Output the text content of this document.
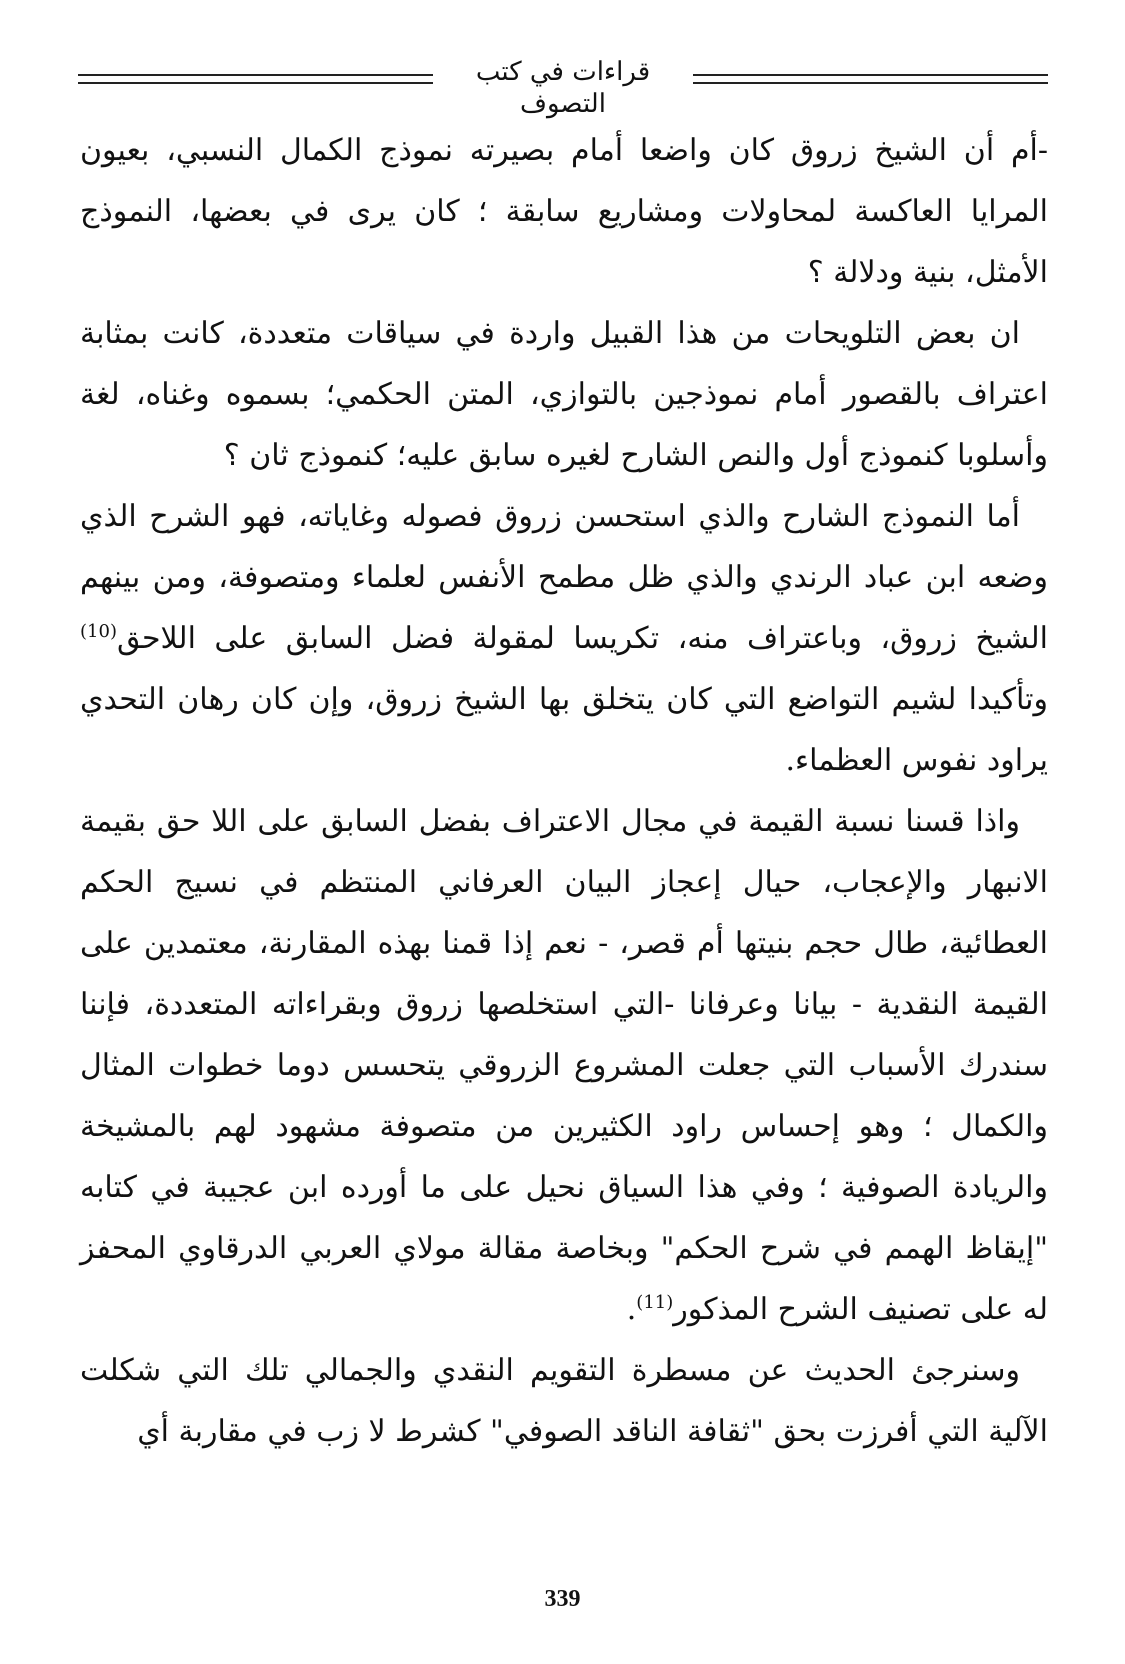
قراءات في كتب التصوف

-أم أن الشيخ زروق كان واضعا أمام بصيرته نموذج الكمال النسبي، بعيون المرايا العاكسة لمحاولات ومشاريع سابقة ؛ كان يرى في بعضها، النموذج الأمثل، بنية ودلالة ؟

ان بعض التلويحات من هذا القبيل واردة في سياقات متعددة، كانت بمثابة اعتراف بالقصور أمام نموذجين بالتوازي، المتن الحكمي؛ بسموه وغناه، لغة وأسلوبا كنموذج أول والنص الشارح لغيره سابق عليه؛ كنموذج ثان ؟

أما النموذج الشارح والذي استحسن زروق فصوله وغاياته، فهو الشرح الذي وضعه ابن عباد الرندي والذي ظل مطمح الأنفس لعلماء ومتصوفة، ومن بينهم الشيخ زروق، وباعتراف منه، تكريسا لمقولة فضل السابق على اللاحق$^{(10)}$ وتأكيدا لشيم التواضع التي كان يتخلق بها الشيخ زروق، وإن كان رهان التحدي يراود نفوس العظماء.

واذا قسنا نسبة القيمة في مجال الاعتراف بفضل السابق على اللا حق بقيمة الانبهار والإعجاب، حيال إعجاز البيان العرفاني المنتظم في نسيج الحكم العطائية، طال حجم بنيتها أم قصر، - نعم إذا قمنا بهذه المقارنة، معتمدين على القيمة النقدية - بيانا وعرفانا -التي استخلصها زروق وبقراءاته المتعددة، فإننا سندرك الأسباب التي جعلت المشروع الزروقي يتحسس دوما خطوات المثال والكمال ؛ وهو إحساس راود الكثيرين من متصوفة مشهود لهم بالمشيخة والريادة الصوفية ؛ وفي هذا السياق نحيل على ما أورده ابن عجيبة في كتابه "إيقاظ الهمم في شرح الحكم" وبخاصة مقالة مولاي العربي الدرقاوي المحفز له على تصنيف الشرح المذكور$^{(11)}$.

وسنرجئ الحديث عن مسطرة التقويم النقدي والجمالي تلك التي شكلت الآلية التي أفرزت بحق "ثقافة الناقد الصوفي" كشرط لا زب في مقاربة أي

339
